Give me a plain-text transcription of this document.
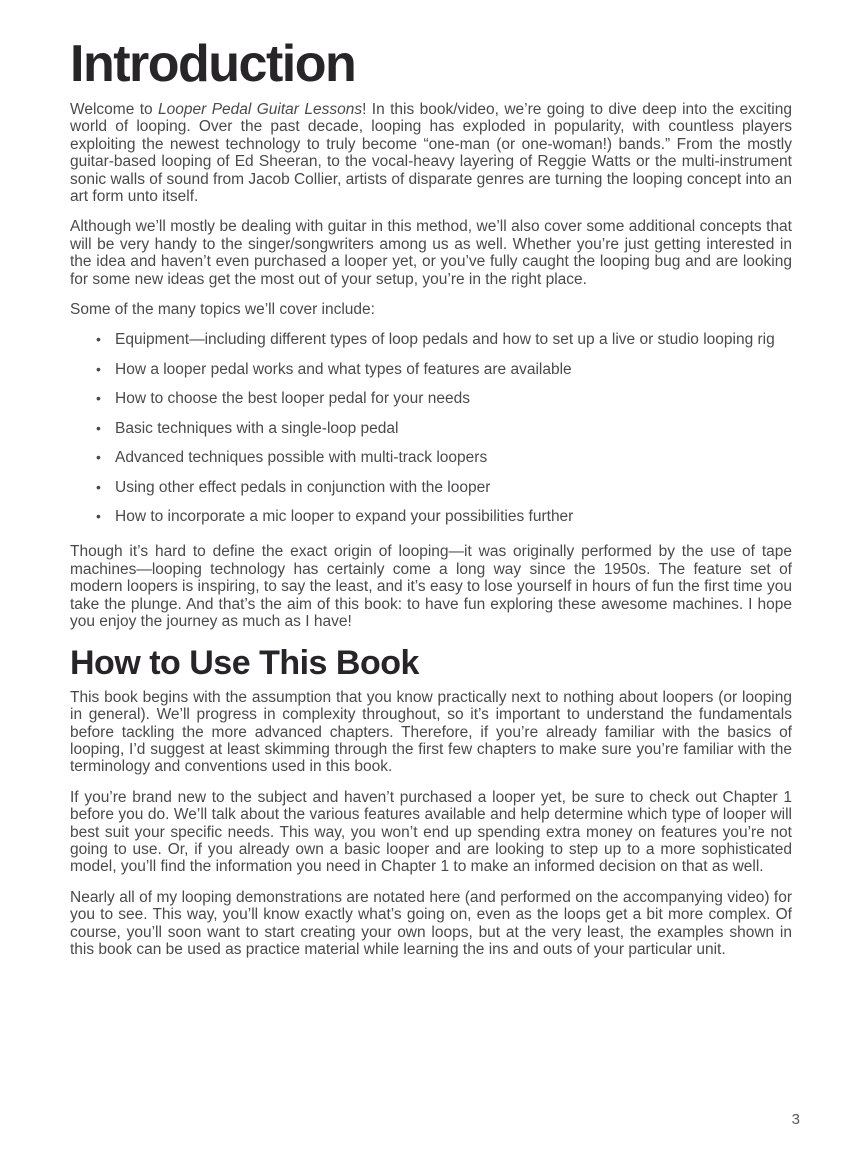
Introduction

Welcome to Looper Pedal Guitar Lessons! In this book/video, we’re going to dive deep into the exciting world of looping. Over the past decade, looping has exploded in popularity, with countless players exploiting the newest technology to truly become “one-man (or one-woman!) bands.” From the mostly guitar-based looping of Ed Sheeran, to the vocal-heavy layering of Reggie Watts or the multi-instrument sonic walls of sound from Jacob Collier, artists of disparate genres are turning the looping concept into an art form unto itself.

Although we’ll mostly be dealing with guitar in this method, we’ll also cover some additional concepts that will be very handy to the singer/songwriters among us as well. Whether you’re just getting interested in the idea and haven’t even purchased a looper yet, or you’ve fully caught the looping bug and are looking for some new ideas get the most out of your setup, you’re in the right place.

Some of the many topics we’ll cover include:

• Equipment—including different types of loop pedals and how to set up a live or studio looping rig
• How a looper pedal works and what types of features are available
• How to choose the best looper pedal for your needs
• Basic techniques with a single-loop pedal
• Advanced techniques possible with multi-track loopers
• Using other effect pedals in conjunction with the looper
• How to incorporate a mic looper to expand your possibilities further

Though it’s hard to define the exact origin of looping—it was originally performed by the use of tape machines—looping technology has certainly come a long way since the 1950s. The feature set of modern loopers is inspiring, to say the least, and it’s easy to lose yourself in hours of fun the first time you take the plunge. And that’s the aim of this book: to have fun exploring these awesome machines. I hope you enjoy the journey as much as I have!

How to Use This Book

This book begins with the assumption that you know practically next to nothing about loopers (or looping in general). We’ll progress in complexity throughout, so it’s important to understand the fundamentals before tackling the more advanced chapters. Therefore, if you’re already familiar with the basics of looping, I’d suggest at least skimming through the first few chapters to make sure you’re familiar with the terminology and conventions used in this book.

If you’re brand new to the subject and haven’t purchased a looper yet, be sure to check out Chapter 1 before you do. We’ll talk about the various features available and help determine which type of looper will best suit your specific needs. This way, you won’t end up spending extra money on features you’re not going to use. Or, if you already own a basic looper and are looking to step up to a more sophisticated model, you’ll find the information you need in Chapter 1 to make an informed decision on that as well.

Nearly all of my looping demonstrations are notated here (and performed on the accompanying video) for you to see. This way, you’ll know exactly what’s going on, even as the loops get a bit more complex. Of course, you’ll soon want to start creating your own loops, but at the very least, the examples shown in this book can be used as practice material while learning the ins and outs of your particular unit.

3
